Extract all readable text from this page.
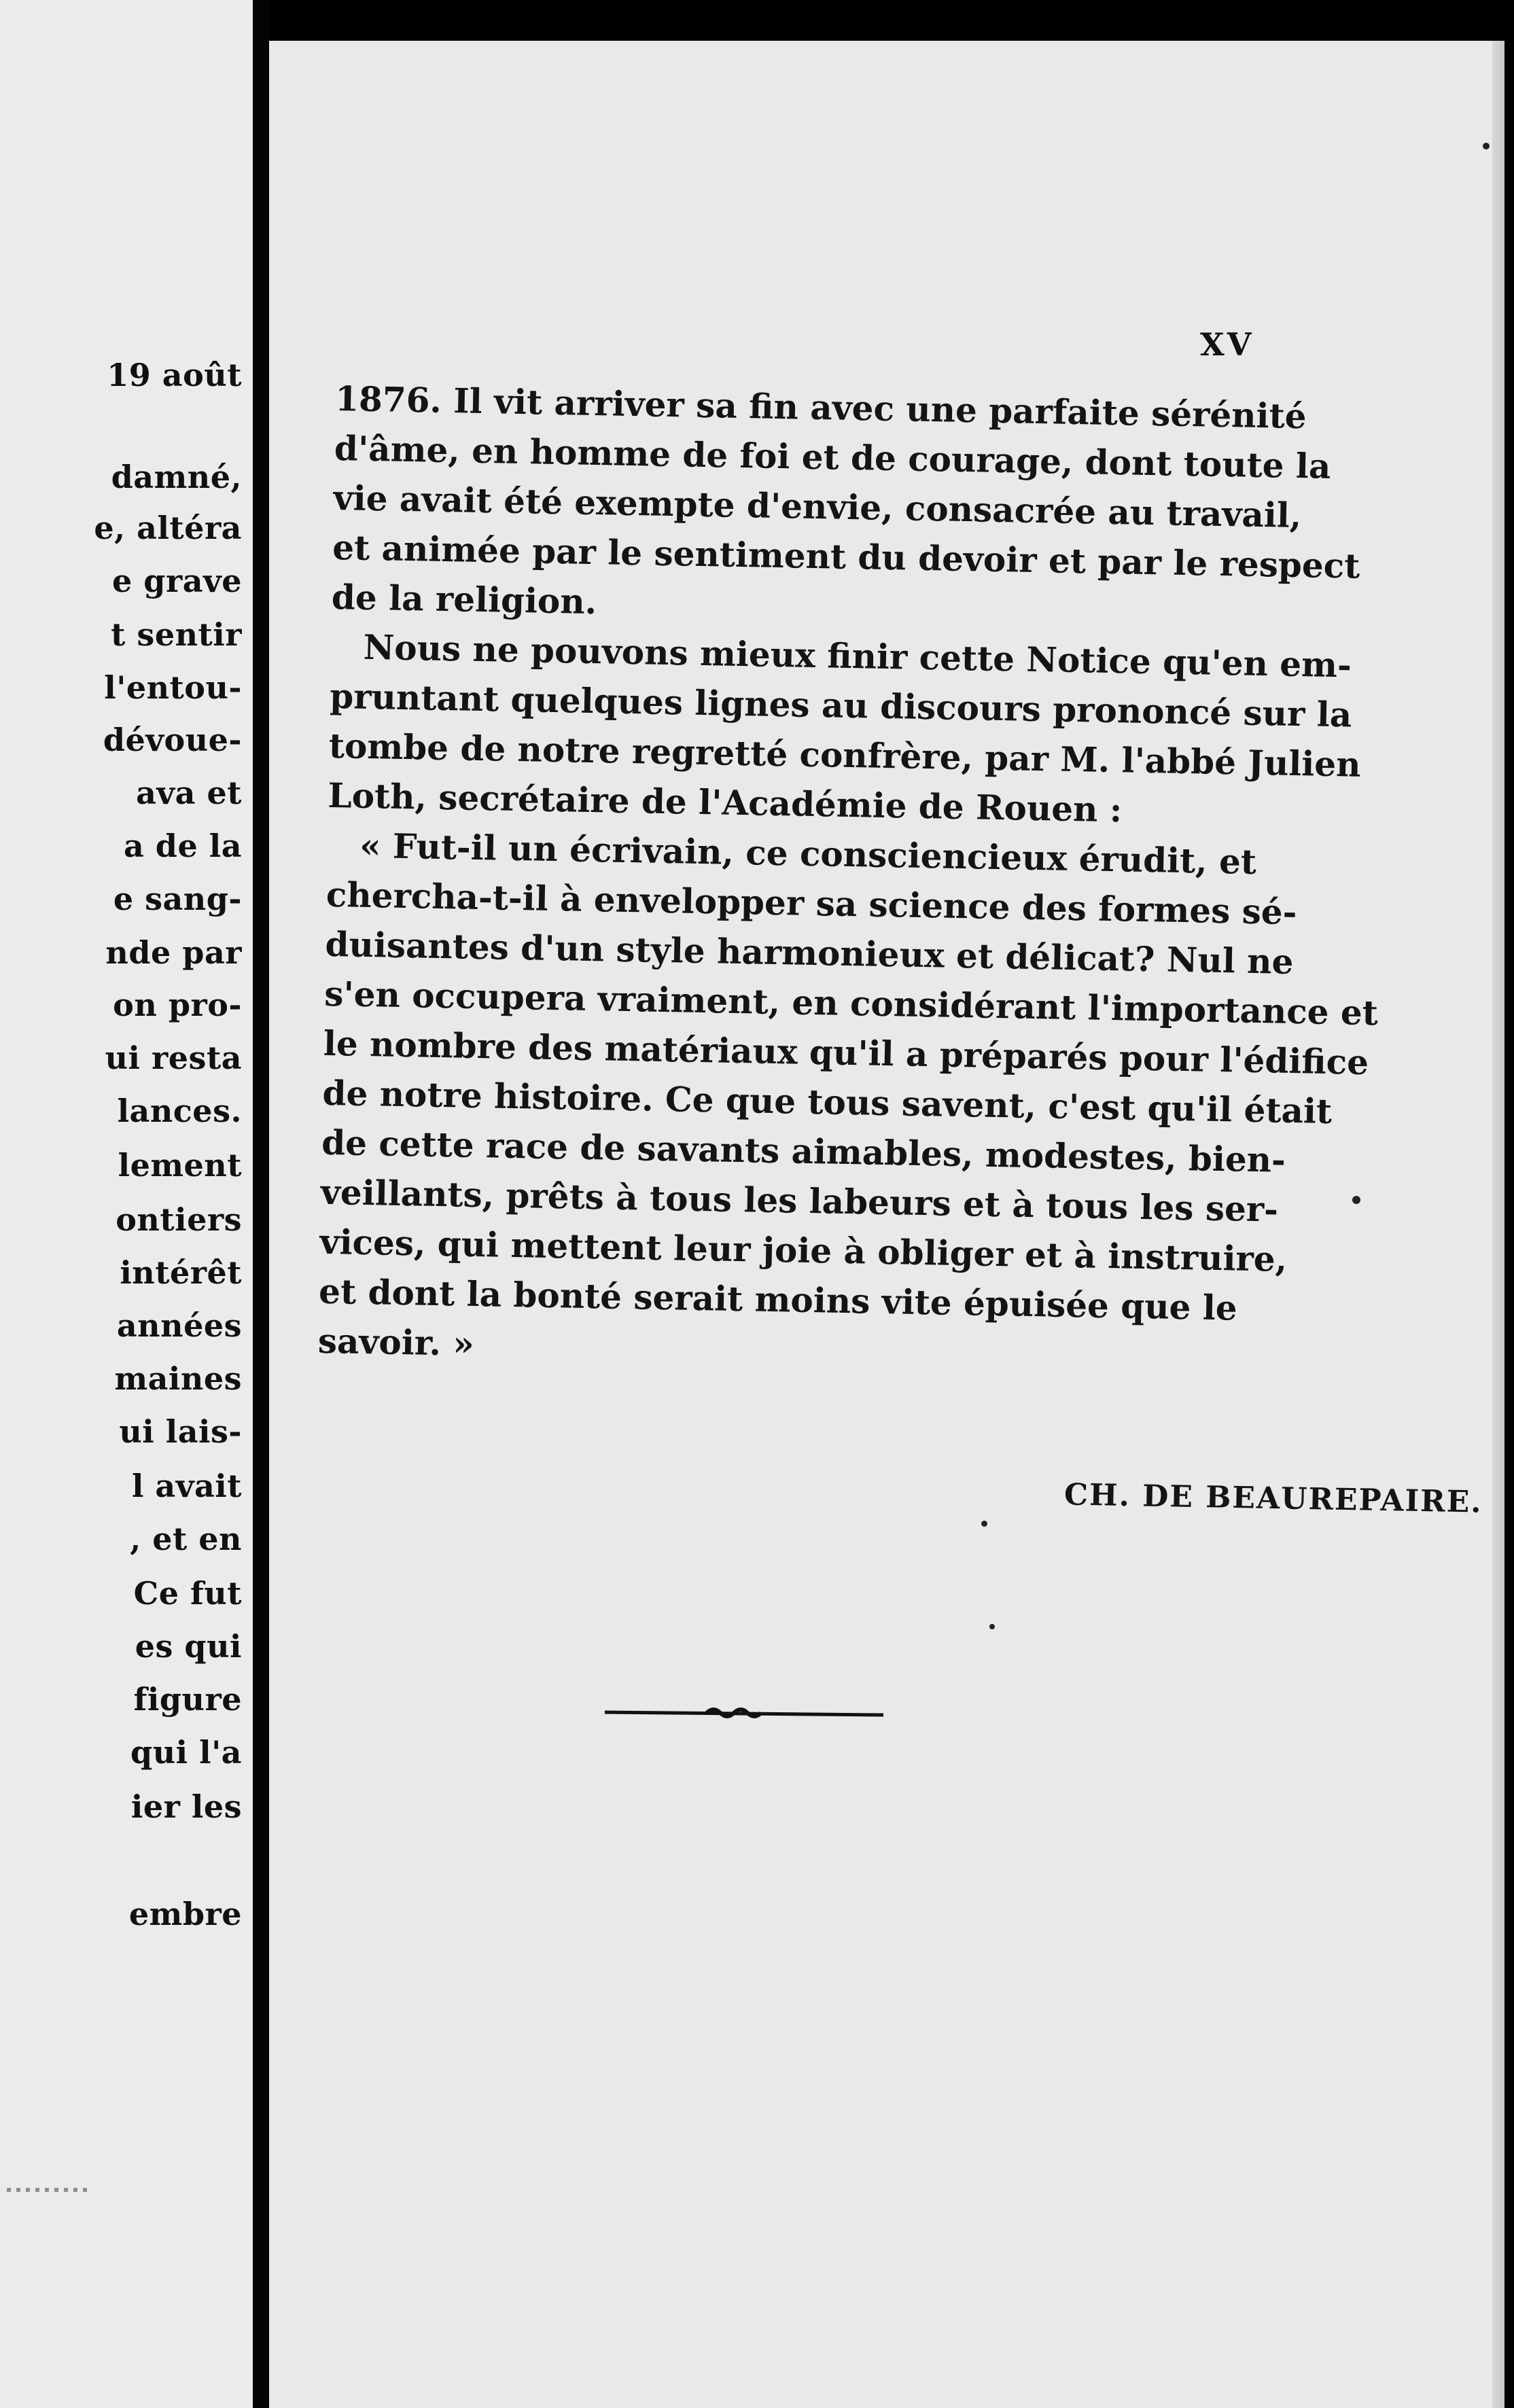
19 août
damné,
e, altéra
e grave
t sentir
l'entou-
dévoue-
ava et
a de la
e sang-
nde par
on pro-
ui resta
lances.
lement
ontiers
intérêt
années
maines
ui lais-
l avait
, et en
Ce fut
es qui
figure
qui l'a
ier les
embre
XV
1876. Il vit arriver sa fin avec une parfaite sérénité
d'âme, en homme de foi et de courage, dont toute la
vie avait été exempte d'envie, consacrée au travail,
et animée par le sentiment du devoir et par le respect
de la religion.
Nous ne pouvons mieux finir cette Notice qu'en em-
pruntant quelques lignes au discours prononcé sur la
tombe de notre regretté confrère, par M. l'abbé Julien
Loth, secrétaire de l'Académie de Rouen :
« Fut-il un écrivain, ce consciencieux érudit, et
chercha-t-il à envelopper sa science des formes sé-
duisantes d'un style harmonieux et délicat? Nul ne
s'en occupera vraiment, en considérant l'importance et
le nombre des matériaux qu'il a préparés pour l'édifice
de notre histoire. Ce que tous savent, c'est qu'il était
de cette race de savants aimables, modestes, bien-
veillants, prêts à tous les labeurs et à tous les ser-
vices, qui mettent leur joie à obliger et à instruire,
et dont la bonté serait moins vite épuisée que le
savoir. »
CH. DE BEAUREPAIRE.
